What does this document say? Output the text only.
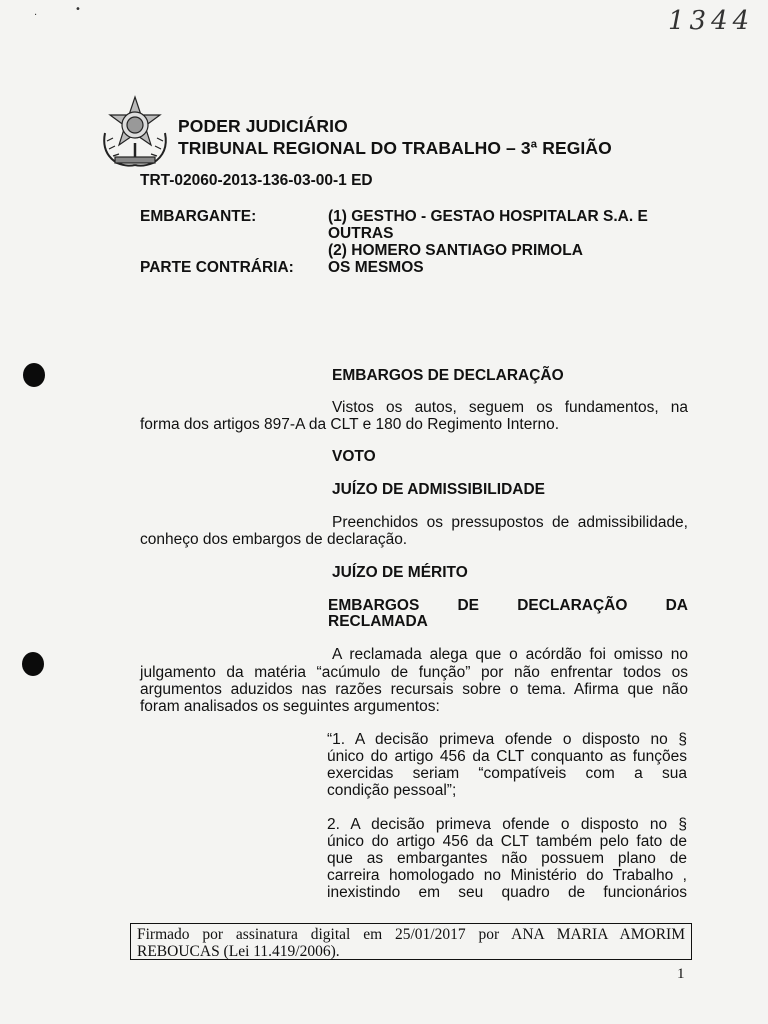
·
•	1344
PODER JUDICIÁRIO
TRIBUNAL REGIONAL DO TRABALHO – 3ª REGIÃO
TRT-02060-2013-136-03-00-1 ED
EMBARGANTE:	(1) GESTHO - GESTAO HOSPITALAR S.A. E
OUTRAS
(2) HOMERO SANTIAGO PRIMOLA
PARTE CONTRÁRIA: OS MESMOS
EMBARGOS DE DECLARAÇÃO
Vistos os autos, seguem os fundamentos, na
forma dos artigos 897-A da CLT e 180 do Regimento Interno.
VOTO
JUÍZO DE ADMISSIBILIDADE
Preenchidos os pressupostos de admissibilidade,
conheço dos embargos de declaração.
JUÍZO DE MÉRITO
EMBARGOS DE DECLARAÇÃO DA
RECLAMADA
A reclamada alega que o acórdão foi omisso no
julgamento da matéria “acúmulo de função” por não enfrentar todos os
argumentos aduzidos nas razões recursais sobre o tema. Afirma que não
foram analisados os seguintes argumentos:
“1. A decisão primeva ofende o disposto no §
único do artigo 456 da CLT conquanto as funções
exercidas seriam “compatíveis com a sua
condição pessoal”;
2. A decisão primeva ofende o disposto no §
único do artigo 456 da CLT também pelo fato de
que as embargantes não possuem plano de
carreira homologado no Ministério do Trabalho ,
inexistindo em seu quadro de funcionários
Firmado por assinatura digital em 25/01/2017 por ANA MARIA AMORIM
REBOUCAS (Lei 11.419/2006).
1
